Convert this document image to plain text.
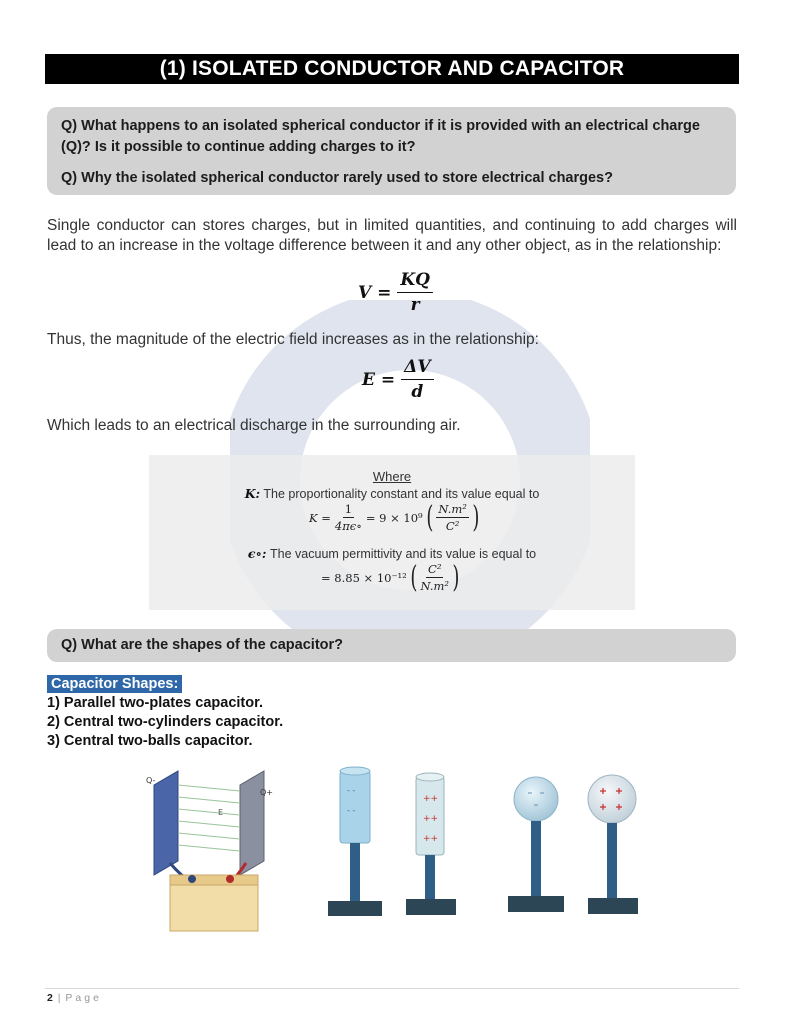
(1) ISOLATED CONDUCTOR AND CAPACITOR

Q) What happens to an isolated spherical conductor if it is provided with an electrical charge (Q)? Is it possible to continue adding charges to it?

Q) Why the isolated spherical conductor rarely used to store electrical charges?

Single conductor can stores charges, but in limited quantities, and continuing to add charges will lead to an increase in the voltage difference between it and any other object, as in the relationship:

$V = \frac{KQ}{r}$

Thus, the magnitude of the electric field increases as in the relationship:

$E = \frac{\Delta V}{d}$

Which leads to an electrical discharge in the surrounding air.

Where
K: The proportionality constant and its value equal to
$K = \frac{1}{4\pi\epsilon\circ} = 9 \times 10^9$ ( $\frac{\text{N.m²}}{\text{C²}}$ )
ϵ∘: The vacuum permittivity and its value is equal to
= 8.85 × 10⁻¹² ( $\frac{\text{C²}}{\text{N.m²}}$ )
Q) What are the shapes of the capacitor?
Capacitor Shapes:
1) Parallel two-plates capacitor.
2) Central two-cylinders capacitor.
3) Central two-balls capacitor.
Q-
Q+
E
- -
- -
++
++
++
2 | Page
